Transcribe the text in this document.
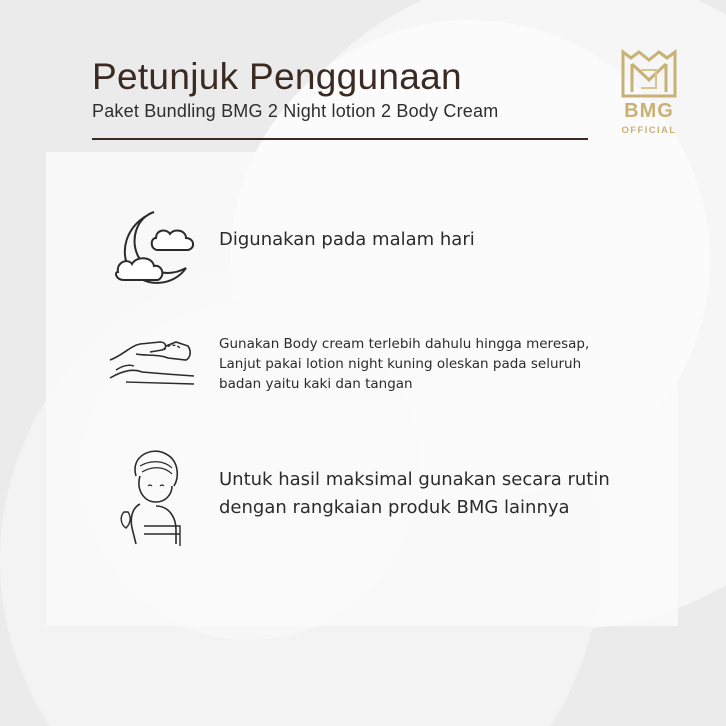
Petunjuk Penggunaan

Paket Bundling BMG 2 Night lotion 2 Body Cream	BMG
OFFICIAL

Digunakan pada malam hari

Gunakan Body cream terlebih dahulu hingga meresap,
Lanjut pakai lotion night kuning oleskan pada seluruh
badan yaitu kaki dan tangan

Untuk hasil maksimal gunakan secara rutin
dengan rangkaian produk BMG lainnya
